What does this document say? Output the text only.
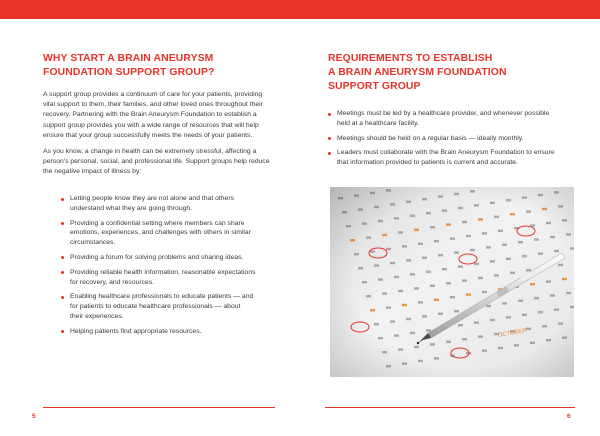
WHY START A BRAIN ANEURYSM
FOUNDATION SUPPORT GROUP?

A support group provides a continuum of care for your patients, providing
vital support to them, their families, and other loved ones throughout their
recovery. Partnering with the Brain Aneurysm Foundation to establish a
support group provides you with a wide range of resources that will help
ensure that your group successfully meets the needs of your patients.

As you know, a change in health can be extremely stressful, affecting a
person's personal, social, and professional life. Support groups help reduce
the negative impact of illness by:

Letting people know they are not alone and that others
understand what they are going through.
Providing a confidential setting where members can share
emotions, experiences, and challenges with others in similar
circumstances.
Providing a forum for solving problems and sharing ideas.
Providing reliable health information, reasonable expectations
for recovery, and resources.
Enabling healthcare professionals to educate patients — and
for patients to educate healthcare professionals — about
their experiences.
Helping patients find appropriate resources.
REQUIREMENTS TO ESTABLISH
A BRAIN ANEURYSM FOUNDATION
SUPPORT GROUP
Meetings must be led by a healthcare provider, and whenever possible
held at a healthcare facility.
Meetings should be held on a regular basis — ideally monthly.
Leaders must collaborate with the Brain Aneurysm Foundation to ensure
that information provided to patients is current and accurate.
5	6
